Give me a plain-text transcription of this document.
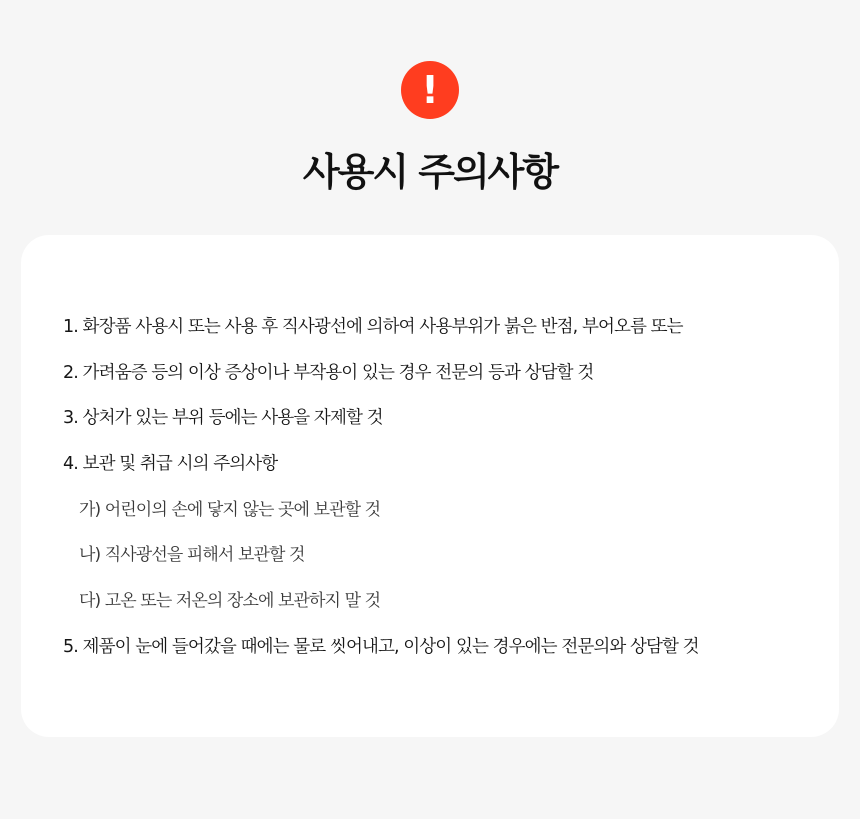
!
사용시 주의사항
1. 화장품 사용시 또는 사용 후 직사광선에 의하여 사용부위가 붉은 반점, 부어오름 또는
2. 가려움증 등의 이상 증상이나 부작용이 있는 경우 전문의 등과 상담할 것
3. 상처가 있는 부위 등에는 사용을 자제할 것
4. 보관 및 취급 시의 주의사항
가) 어린이의 손에 닿지 않는 곳에 보관할 것
나) 직사광선을 피해서 보관할 것
다) 고온 또는 저온의 장소에 보관하지 말 것
5. 제품이 눈에 들어갔을 때에는 물로 씻어내고, 이상이 있는 경우에는 전문의와 상담할 것
